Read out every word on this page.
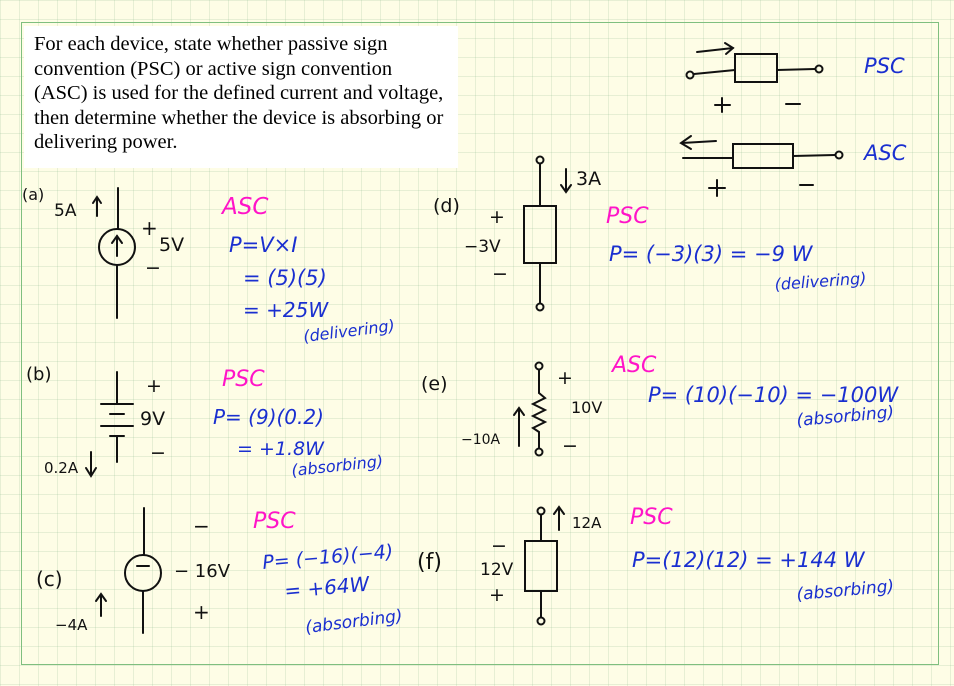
For each device, state whether passive sign convention (PSC) or active sign convention (ASC) is used for the defined current and voltage, then determine whether the device is absorbing or delivering power.
PSC
ASC
(a)
5A
+
5V
−
ASC
P=V×I
= (5)(5)
= +25W
(delivering)
(b)
+
9V
−
0.2A
PSC
P= (9)(0.2)
= +1.8W
(absorbing)
(c)
−
− 16V
+
−4A
PSC
P= (−16)(−4)
= +64W
(absorbing)
(d)
3A
+
−3V
−
PSC
P= (−3)(3) = −9 W
(delivering)
(e)	+
10V
−
−10A
ASC
P= (10)(−10) = −100W
(absorbing)
(f)
12A
−
12V
+
PSC
P=(12)(12) = +144 W
(absorbing)
